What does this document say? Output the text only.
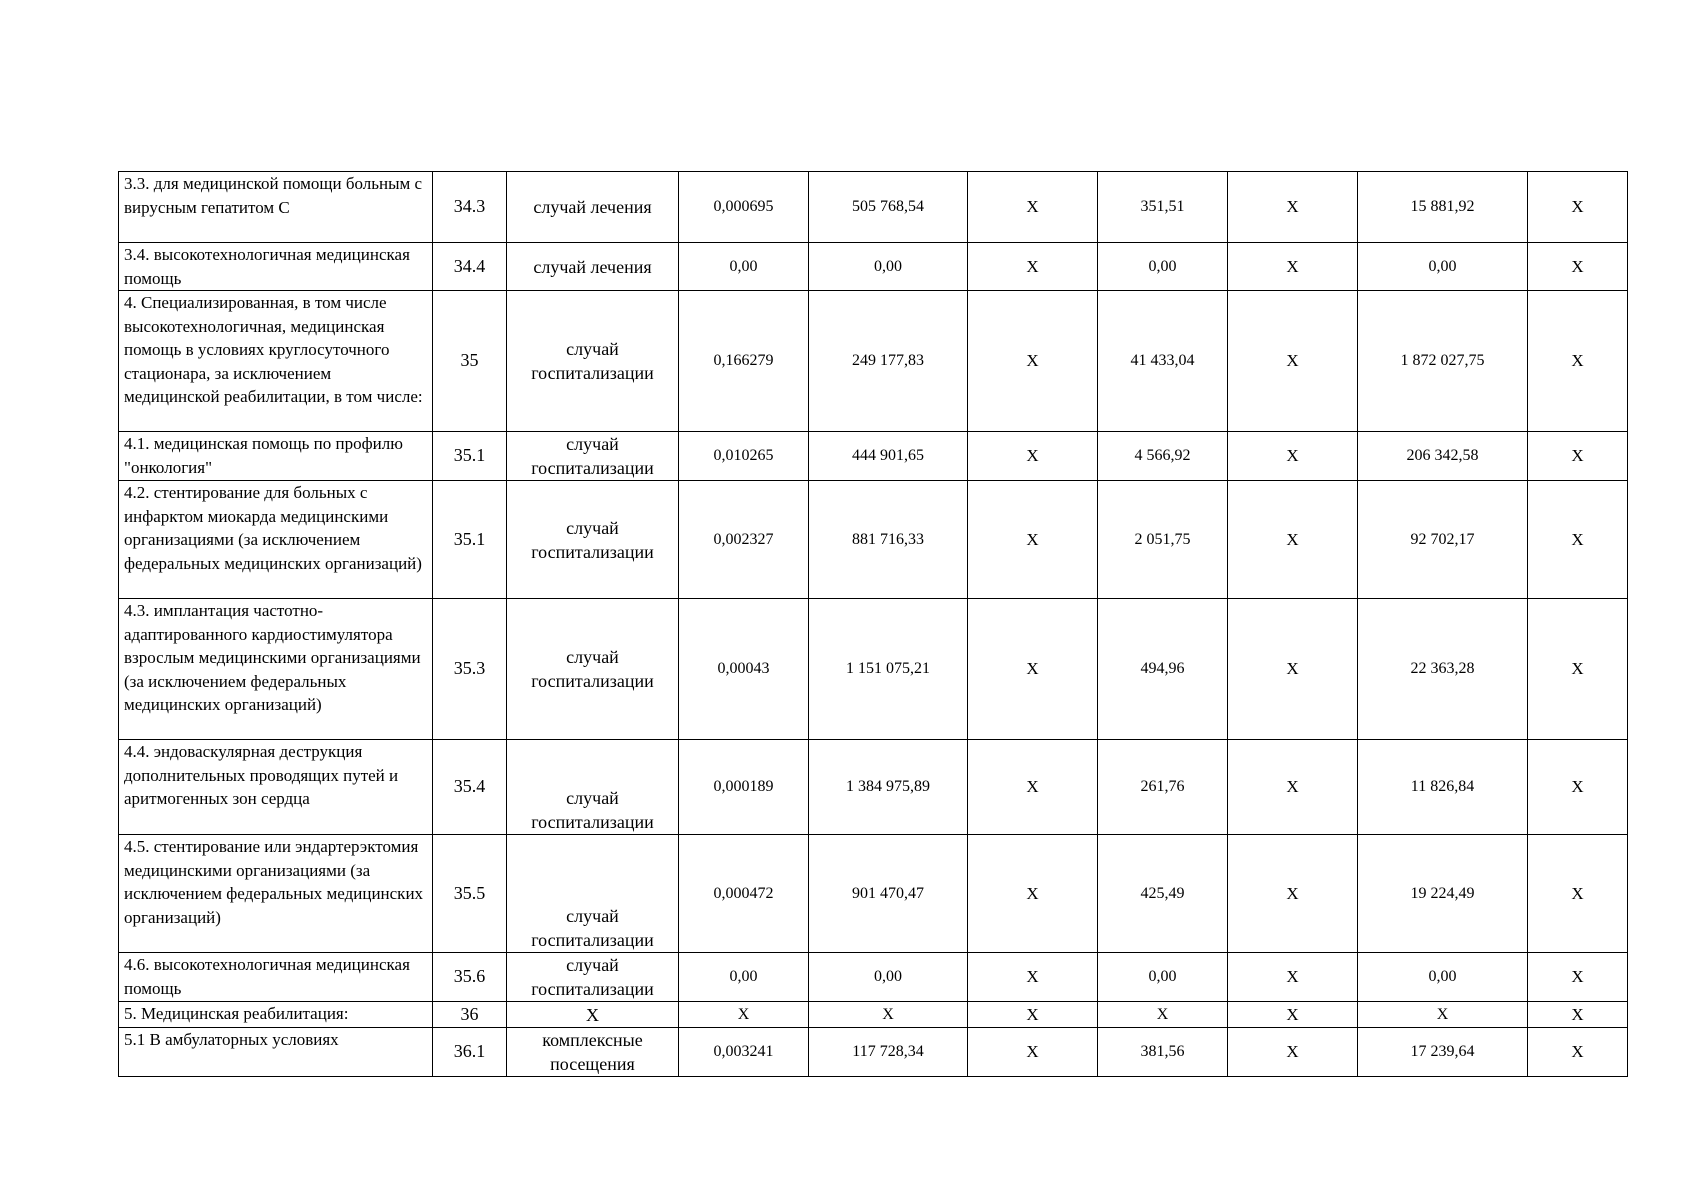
3.3. для медицинской помощи больным с вирусным гепатитом С	34.3	случай лечения	0,000695	505 768,54	X	351,51	X	15 881,92	X
3.4. высокотехнологичная медицинская помощь	34.4	случай лечения	0,00	0,00	X	0,00	X	0,00	X
4. Специализированная, в том числе высокотехнологичная, медицинская помощь в условиях круглосуточного стационара, за исключением медицинской реабилитации, в том числе:	35	случай госпитализации	0,166279	249 177,83	X	41 433,04	X	1 872 027,75	X
4.1. медицинская помощь по профилю "онкология"	35.1	случай госпитализации	0,010265	444 901,65	X	4 566,92	X	206 342,58	X
4.2. стентирование для больных с инфарктом миокарда медицинскими организациями (за исключением федеральных медицинских организаций)	35.1	случай госпитализации	0,002327	881 716,33	X	2 051,75	X	92 702,17	X
4.3. имплантация частотно-адаптированного кардиостимулятора взрослым медицинскими организациями (за исключением федеральных медицинских организаций)	35.3	случай госпитализации	0,00043	1 151 075,21	X	494,96	X	22 363,28	X
4.4. эндоваскулярная деструкция дополнительных проводящих путей и аритмогенных зон сердца	35.4	случай госпитализации	0,000189	1 384 975,89	X	261,76	X	11 826,84	X
4.5. стентирование или эндартерэктомия медицинскими организациями (за исключением федеральных медицинских организаций)	35.5	случай госпитализации	0,000472	901 470,47	X	425,49	X	19 224,49	X
4.6. высокотехнологичная медицинская помощь	35.6	случай госпитализации	0,00	0,00	X	0,00	X	0,00	X
5. Медицинская реабилитация:	36	X	X	X	X	X	X	X	X
5.1 В амбулаторных условиях	36.1	комплексные посещения	0,003241	117 728,34	X	381,56	X	17 239,64	X
